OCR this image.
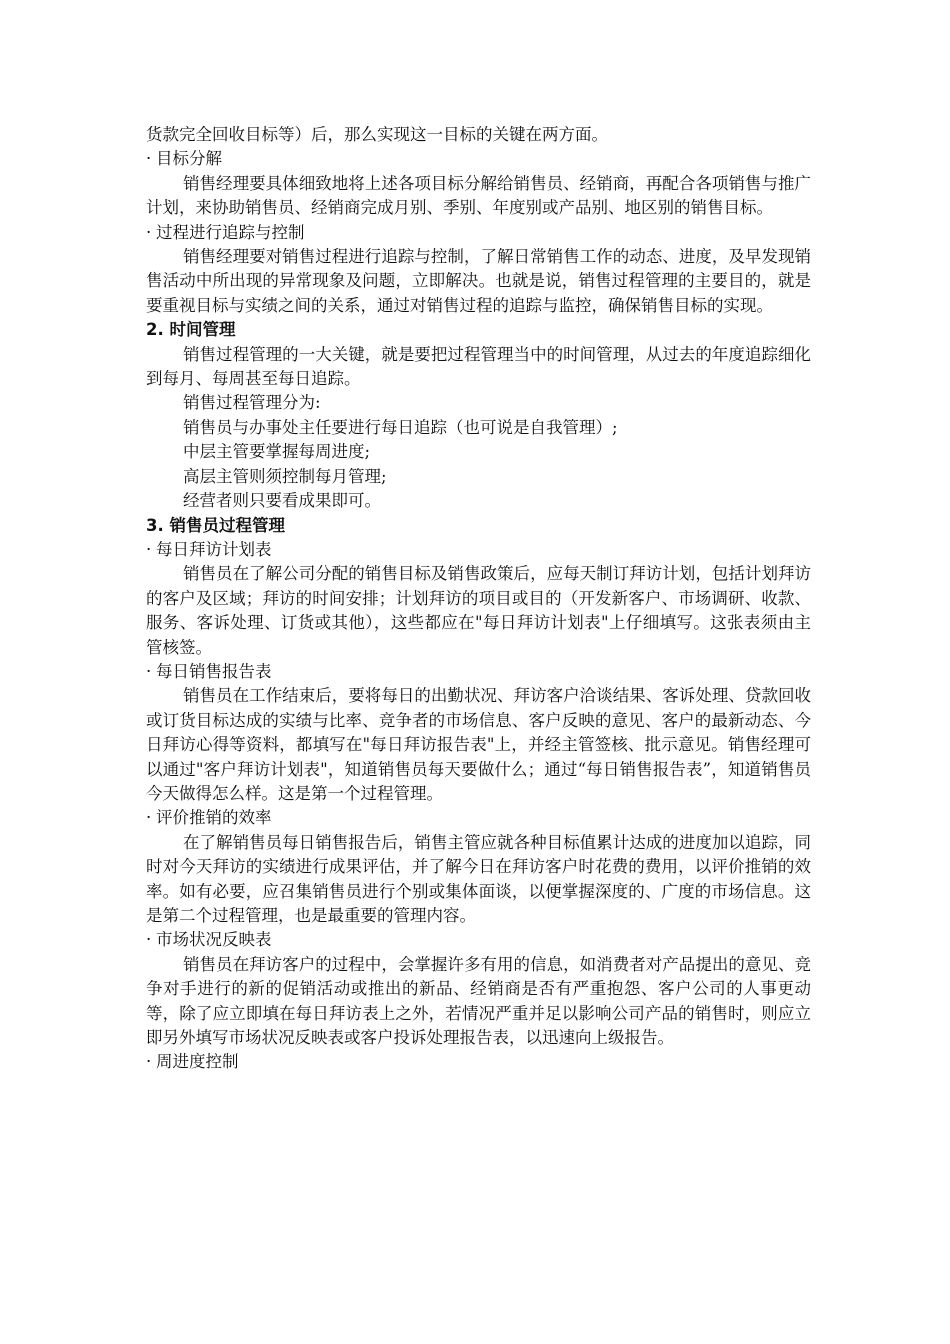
货款完全回收目标等）后，那么实现这一目标的关键在两方面。

· 目标分解

销售经理要具体细致地将上述各项目标分解给销售员、经销商，再配合各项销售与推广计划，来协助销售员、经销商完成月别、季别、年度别或产品别、地区别的销售目标。

· 过程进行追踪与控制

销售经理要对销售过程进行追踪与控制，了解日常销售工作的动态、进度，及早发现销售活动中所出现的异常现象及问题，立即解决。也就是说，销售过程管理的主要目的，就是要重视目标与实绩之间的关系，通过对销售过程的追踪与监控，确保销售目标的实现。

2. 时间管理

销售过程管理的一大关键，就是要把过程管理当中的时间管理，从过去的年度追踪细化到每月、每周甚至每日追踪。

销售过程管理分为:

销售员与办事处主任要进行每日追踪（也可说是自我管理）;

中层主管要掌握每周进度;

高层主管则须控制每月管理;

经营者则只要看成果即可。

3. 销售员过程管理

· 每日拜访计划表

销售员在了解公司分配的销售目标及销售政策后，应每天制订拜访计划，包括计划拜访的客户及区域；拜访的时间安排；计划拜访的项目或目的（开发新客户、市场调研、收款、服务、客诉处理、订货或其他），这些都应在"每日拜访计划表"上仔细填写。这张表须由主管核签。

· 每日销售报告表

销售员在工作结束后，要将每日的出勤状况、拜访客户洽谈结果、客诉处理、贷款回收或订货目标达成的实绩与比率、竞争者的市场信息、客户反映的意见、客户的最新动态、今日拜访心得等资料，都填写在"每日拜访报告表"上，并经主管签核、批示意见。销售经理可以通过"客户拜访计划表"，知道销售员每天要做什么；通过“每日销售报告表”，知道销售员今天做得怎么样。这是第一个过程管理。

· 评价推销的效率

在了解销售员每日销售报告后，销售主管应就各种目标值累计达成的进度加以追踪，同时对今天拜访的实绩进行成果评估，并了解今日在拜访客户时花费的费用，以评价推销的效率。如有必要，应召集销售员进行个别或集体面谈，以便掌握深度的、广度的市场信息。这是第二个过程管理，也是最重要的管理内容。

· 市场状况反映表

销售员在拜访客户的过程中，会掌握许多有用的信息，如消费者对产品提出的意见、竞争对手进行的新的促销活动或推出的新品、经销商是否有严重抱怨、客户公司的人事更动等，除了应立即填在每日拜访表上之外，若情况严重并足以影响公司产品的销售时，则应立即另外填写市场状况反映表或客户投诉处理报告表，以迅速向上级报告。

· 周进度控制
